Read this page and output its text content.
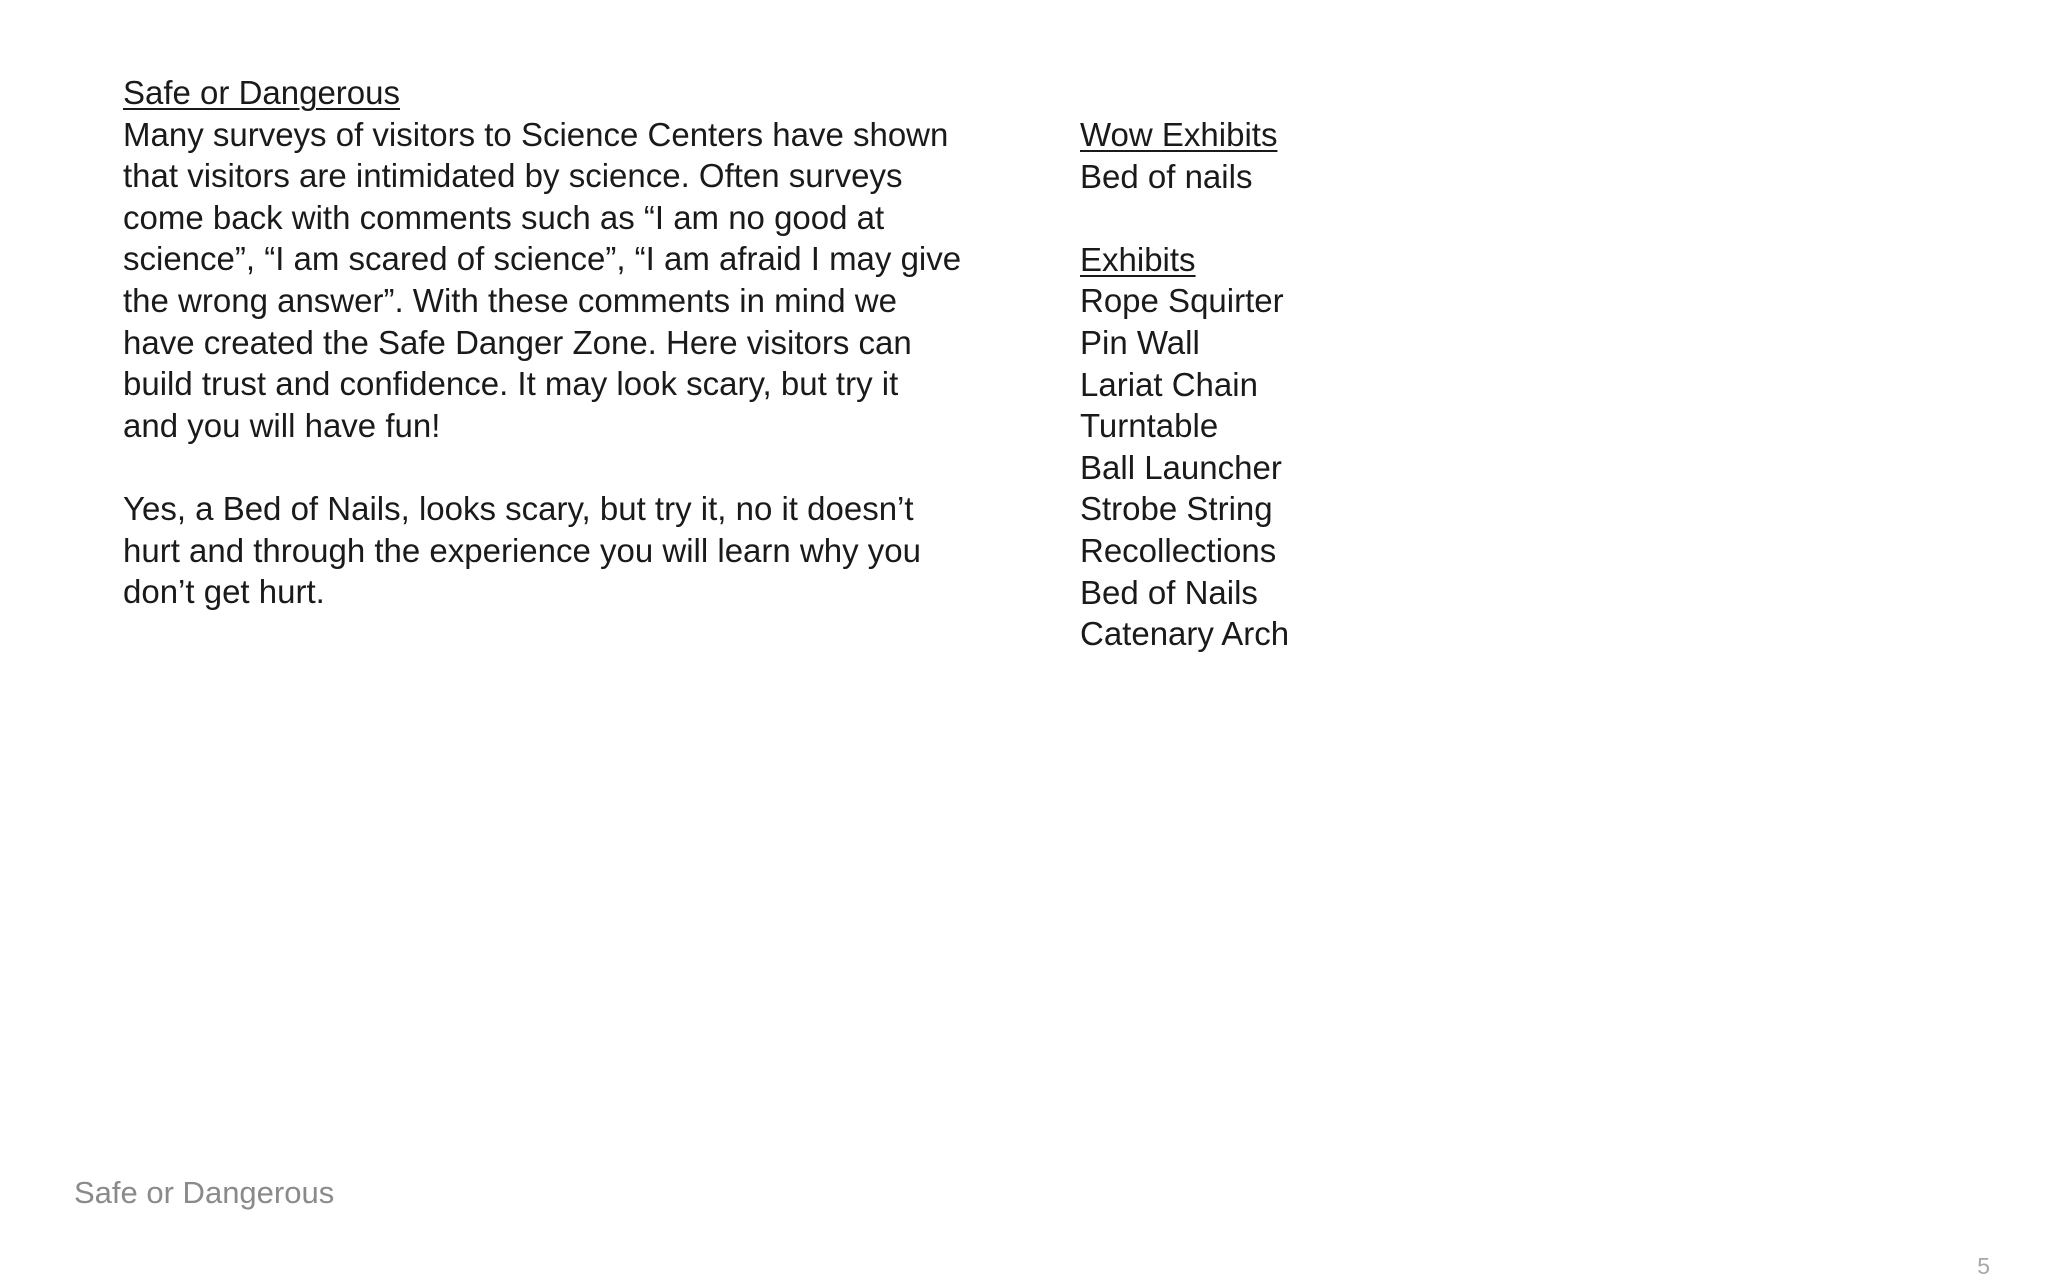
Safe or Dangerous
Many surveys of visitors to Science Centers have shown
that visitors are intimidated by science. Often surveys
come back with comments such as “I am no good at
science”, “I am scared of science”, “I am afraid I may give
the wrong answer”. With these comments in mind we
have created the Safe Danger Zone. Here visitors can
build trust and confidence. It may look scary, but try it
and you will have fun!
Yes, a Bed of Nails, looks scary, but try it, no it doesn’t
hurt and through the experience you will learn why you
don’t get hurt.
Wow Exhibits
Bed of nails
Exhibits
Rope Squirter
Pin Wall
Lariat Chain
Turntable
Ball Launcher
Strobe String
Recollections
Bed of Nails
Catenary Arch
Safe or Dangerous
5
